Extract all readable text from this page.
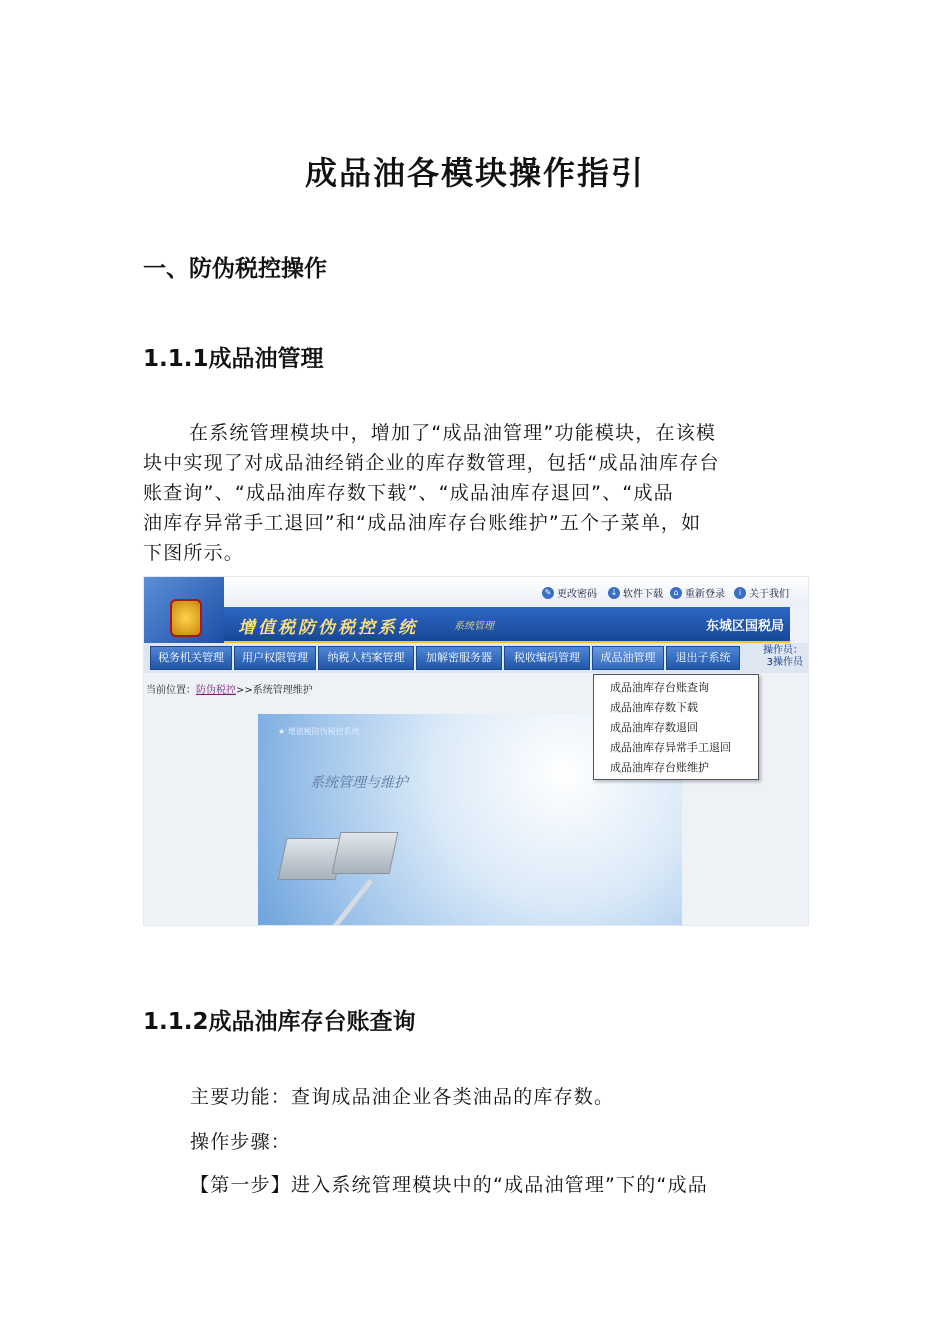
成品油各模块操作指引
一、防伪税控操作
1.1.1成品油管理
在系统管理模块中，增加了“成品油管理”功能模块，在该模
块中实现了对成品油经销企业的库存数管理，包括“成品油库存台
账查询”、“成品油库存数下载”、“成品油库存退回”、“成品
油库存异常手工退回”和“成品油库存台账维护”五个子菜单，如
下图所示。
✎ 更改密码	↓ 软件下载	⌂ 重新登录	i 关于我们
增值税防伪税控系统	系统管理	东城区国税局
税务机关管理	用户权限管理	纳税人档案管理	加解密服务器	税收编码管理	成品油管理	退出子系统
操作员：
3操作员
当前位置：防伪税控>>系统管理维护
★ 增值税防伪税控系统
系统管理与维护
成品油库存台账查询
成品油库存数下载
成品油库存数退回
成品油库存异常手工退回
成品油库存台账维护
1.1.2成品油库存台账查询
主要功能：查询成品油企业各类油品的库存数。
操作步骤：
【第一步】进入系统管理模块中的“成品油管理”下的“成品
